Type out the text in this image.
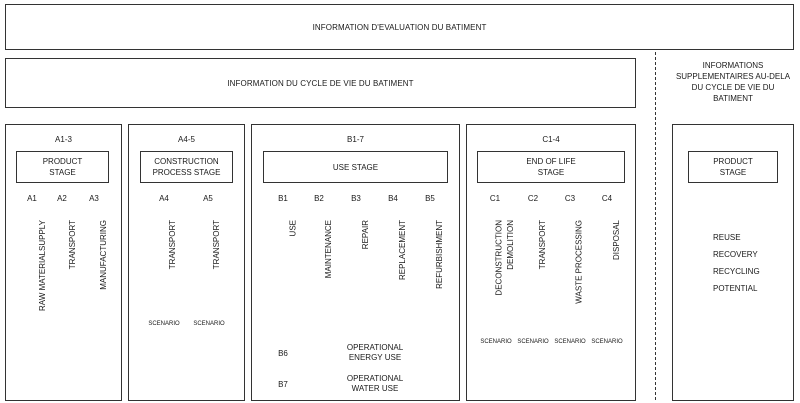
INFORMATION D'EVALUATION DU BATIMENT
INFORMATION DU CYCLE DE VIE DU BATIMENT
INFORMATIONS
SUPPLEMENTAIRES AU-DELA
DU CYCLE DE VIE DU
BATIMENT
A1-3
PRODUCT
STAGE
A1	A2	A3
RAW MATERIALSUPPLY	TRANSPORT	MANUFACTURING
A4-5
CONSTRUCTION
PROCESS STAGE
A4	A5
TRANSPORT	TRANSPORT
SCENARIO	SCENARIO
B1-7
USE STAGE
B1	B2	B3	B4	B5
USE	MAINTENANCE	REPAIR	REPLACEMENT	REFURBISHMENT
B6
OPERATIONAL
ENERGY USE
B7
OPERATIONAL
WATER USE
C1-4
END OF LIFE
STAGE
C1	C2	C3	C4
DECONSTRUCTION DEMOLITION	TRANSPORT	WASTE PROCESSING	DISPOSAL
SCENARIO SCENARIO SCENARIO SCENARIO
PRODUCT
STAGE
REUSE
RECOVERY
RECYCLING
POTENTIAL
